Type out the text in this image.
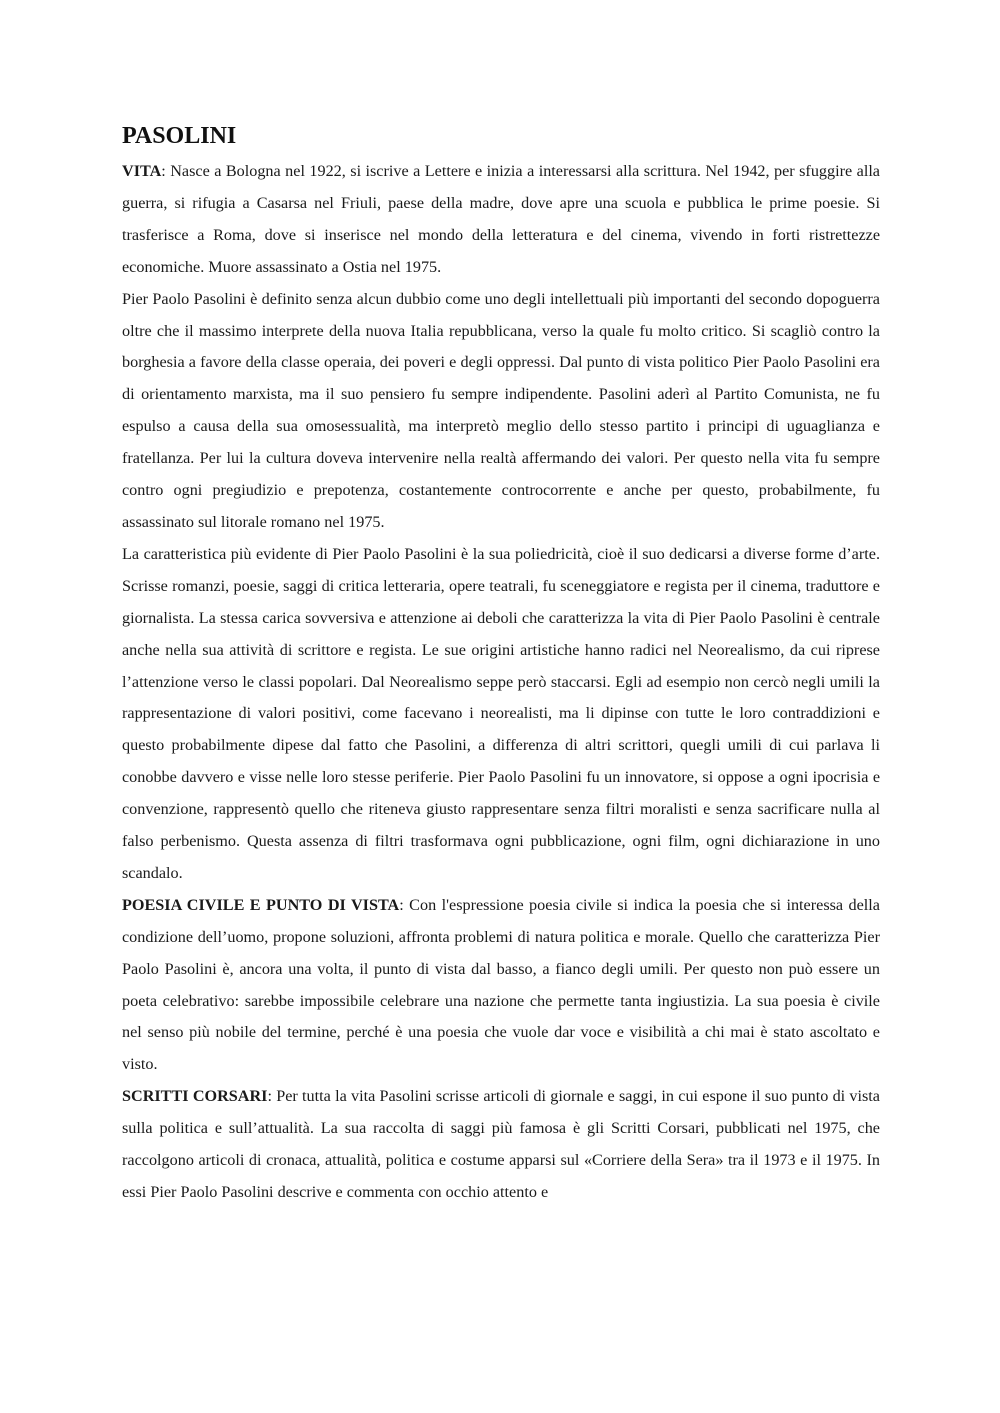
PASOLINI

VITA: Nasce a Bologna nel 1922, si iscrive a Lettere e inizia a interessarsi alla scrittura. Nel 1942, per sfuggire alla guerra, si rifugia a Casarsa nel Friuli, paese della madre, dove apre una scuola e pubblica le prime poesie. Si trasferisce a Roma, dove si inserisce nel mondo della letteratura e del cinema, vivendo in forti ristrettezze economiche. Muore assassinato a Ostia nel 1975.

Pier Paolo Pasolini è definito senza alcun dubbio come uno degli intellettuali più importanti del secondo dopoguerra oltre che il massimo interprete della nuova Italia repubblicana, verso la quale fu molto critico. Si scagliò contro la borghesia a favore della classe operaia, dei poveri e degli oppressi. Dal punto di vista politico Pier Paolo Pasolini era di orientamento marxista, ma il suo pensiero fu sempre indipendente. Pasolini aderì al Partito Comunista, ne fu espulso a causa della sua omosessualità, ma interpretò meglio dello stesso partito i principi di uguaglianza e fratellanza. Per lui la cultura doveva intervenire nella realtà affermando dei valori. Per questo nella vita fu sempre contro ogni pregiudizio e prepotenza, costantemente controcorrente e anche per questo, probabilmente, fu assassinato sul litorale romano nel 1975.

La caratteristica più evidente di Pier Paolo Pasolini è la sua poliedricità, cioè il suo dedicarsi a diverse forme d’arte. Scrisse romanzi, poesie, saggi di critica letteraria, opere teatrali, fu sceneggiatore e regista per il cinema, traduttore e giornalista. La stessa carica sovversiva e attenzione ai deboli che caratterizza la vita di Pier Paolo Pasolini è centrale anche nella sua attività di scrittore e regista. Le sue origini artistiche hanno radici nel Neorealismo, da cui riprese l’attenzione verso le classi popolari. Dal Neorealismo seppe però staccarsi. Egli ad esempio non cercò negli umili la rappresentazione di valori positivi, come facevano i neorealisti, ma li dipinse con tutte le loro contraddizioni e questo probabilmente dipese dal fatto che Pasolini, a differenza di altri scrittori, quegli umili di cui parlava li conobbe davvero e visse nelle loro stesse periferie. Pier Paolo Pasolini fu un innovatore, si oppose a ogni ipocrisia e convenzione, rappresentò quello che riteneva giusto rappresentare senza filtri moralisti e senza sacrificare nulla al falso perbenismo. Questa assenza di filtri trasformava ogni pubblicazione, ogni film, ogni dichiarazione in uno scandalo.

POESIA CIVILE E PUNTO DI VISTA: Con l'espressione poesia civile si indica la poesia che si interessa della condizione dell’uomo, propone soluzioni, affronta problemi di natura politica e morale. Quello che caratterizza Pier Paolo Pasolini è, ancora una volta, il punto di vista dal basso, a fianco degli umili. Per questo non può essere un poeta celebrativo: sarebbe impossibile celebrare una nazione che permette tanta ingiustizia. La sua poesia è civile nel senso più nobile del termine, perché è una poesia che vuole dar voce e visibilità a chi mai è stato ascoltato e visto.

SCRITTI CORSARI: Per tutta la vita Pasolini scrisse articoli di giornale e saggi, in cui espone il suo punto di vista sulla politica e sull’attualità. La sua raccolta di saggi più famosa è gli Scritti Corsari, pubblicati nel 1975, che raccolgono articoli di cronaca, attualità, politica e costume apparsi sul «Corriere della Sera» tra il 1973 e il 1975. In essi Pier Paolo Pasolini descrive e commenta con occhio attento e
